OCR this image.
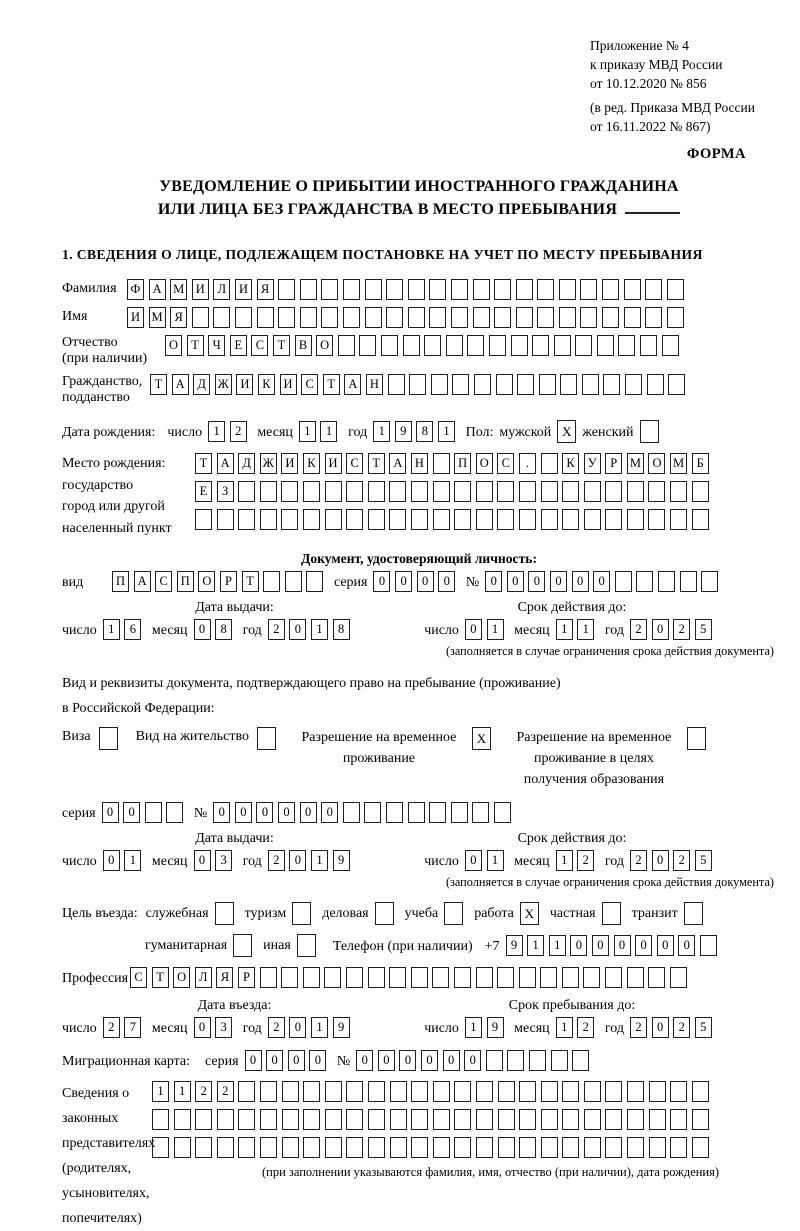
Приложение № 4
к приказу МВД России
от 10.12.2020 № 856
(в ред. Приказа МВД России
от 16.11.2022 № 867)
ФОРМА
УВЕДОМЛЕНИЕ О ПРИБЫТИИ ИНОСТРАННОГО ГРАЖДАНИНА
ИЛИ ЛИЦА БЕЗ ГРАЖДАНСТВА В МЕСТО ПРЕБЫВАНИЯ
1. СВЕДЕНИЯ О ЛИЦЕ, ПОДЛЕЖАЩЕМ ПОСТАНОВКЕ НА УЧЕТ ПО МЕСТУ ПРЕБЫВАНИЯ
Фамилия	Ф А М И	Л	И	Я
Имя	И М Я
Отчество
(при наличии)
О	Т	Ч	Е	С	Т	В	О
Гражданство,
подданство
Т	А	Д Ж И	К	И	С	Т	А	Н
Дата рождения: число 1	2	месяц 1	1	год 1	9	8	1	Пол: мужской X женский
Место рождения:
государство
город или другой
населенный пункт
Т	А	Д Ж И	К	И	С	Т	А	Н	П	О	С	.	К	У	Р	М О М Б
Е	З
Документ, удостоверяющий личность:
вид	П	А	С	П	О	Р	Т	серия 0	0	0	0	№ 0	0	0	0	0	0
Дата выдачи:	Срок действия до:
число 1	6	месяц 0	8	год 2	0	1	8	число 0	1	месяц 1	1	год 2	0	2	5
(заполняется в случае ограничения срока действия документа)
Вид и реквизиты документа, подтверждающего право на пребывание (проживание)
в Российской Федерации:
Виза	Вид на жительство	Разрешение на временное проживание
X	Разрешение на временное проживание в целях получения образования
серия 0	0	№ 0	0	0	0	0	0
Дата выдачи:	Срок действия до:
число 0	1	месяц 0	3	год 2	0	1	9	число 0	1	месяц 1	2	год 2	0	2	5
(заполняется в случае ограничения срока действия документа)
Цель въезда: служебная	туризм	деловая	учеба	работа X	частная	транзит
гуманитарная	иная	Телефон (при наличии) +7 9	1	1	0	0	0	0	0	0
Профессия С	Т	О	Л	Я	Р
Дата въезда:	Срок пребывания до:
число 2	7	месяц 0	3	год 2	0	1	9	число 1	9	месяц 1	2	год 2	0	2	5
Миграционная карта:	серия 0	0	0	0	№ 0	0	0	0	0	0
Сведения о
законных
представителях
(родителях,
усыновителях,
попечителях)
1	1	2	2
(при заполнении указываются фамилия, имя, отчество (при наличии), дата рождения)
